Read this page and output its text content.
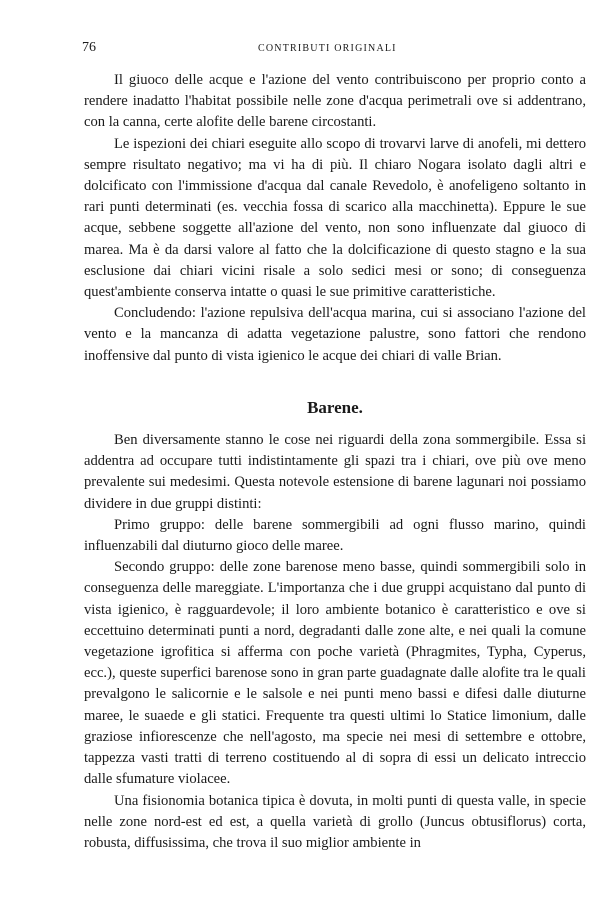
76	CONTRIBUTI ORIGINALI

Il giuoco delle acque e l'azione del vento contribuiscono per proprio conto a rendere inadatto l'habitat possibile nelle zone d'acqua perimetrali ove si addentrano, con la canna, certe alofite delle barene circostanti.

Le ispezioni dei chiari eseguite allo scopo di trovarvi larve di anofeli, mi dettero sempre risultato negativo; ma vi ha di più. Il chiaro Nogara isolato dagli altri e dolcificato con l'immissione d'acqua dal canale Revedolo, è anofeligeno soltanto in rari punti determinati (es. vecchia fossa di scarico alla macchinetta). Eppure le sue acque, sebbene soggette all'azione del vento, non sono influenzate dal giuoco di marea. Ma è da darsi valore al fatto che la dolcificazione di questo stagno e la sua esclusione dai chiari vicini risale a solo sedici mesi or sono; di conseguenza quest'ambiente conserva intatte o quasi le sue primitive caratteristiche.

Concludendo: l'azione repulsiva dell'acqua marina, cui si associano l'azione del vento e la mancanza di adatta vegetazione palustre, sono fattori che rendono inoffensive dal punto di vista igienico le acque dei chiari di valle Brian.

Barene.

Ben diversamente stanno le cose nei riguardi della zona sommergibile. Essa si addentra ad occupare tutti indistintamente gli spazi tra i chiari, ove più ove meno prevalente sui medesimi. Questa notevole estensione di barene lagunari noi possiamo dividere in due gruppi distinti:

Primo gruppo: delle barene sommergibili ad ogni flusso marino, quindi influenzabili dal diuturno gioco delle maree.

Secondo gruppo: delle zone barenose meno basse, quindi sommergibili solo in conseguenza delle mareggiate. L'importanza che i due gruppi acquistano dal punto di vista igienico, è ragguardevole; il loro ambiente botanico è caratteristico e ove si eccettuino determinati punti a nord, degradanti dalle zone alte, e nei quali la comune vegetazione igrofitica si afferma con poche varietà (Phragmites, Typha, Cyperus, ecc.), queste superfici barenose sono in gran parte guadagnate dalle alofite tra le quali prevalgono le salicornie e le salsole e nei punti meno bassi e difesi dalle diuturne maree, le suaede e gli statici. Frequente tra questi ultimi lo Statice limonium, dalle graziose infiorescenze che nell'agosto, ma specie nei mesi di settembre e ottobre, tappezza vasti tratti di terreno costituendo al di sopra di essi un delicato intreccio dalle sfumature violacee.

Una fisionomia botanica tipica è dovuta, in molti punti di questa valle, in specie nelle zone nord-est ed est, a quella varietà di grollo (Juncus obtusiflorus) corta, robusta, diffusissima, che trova il suo miglior ambiente in
